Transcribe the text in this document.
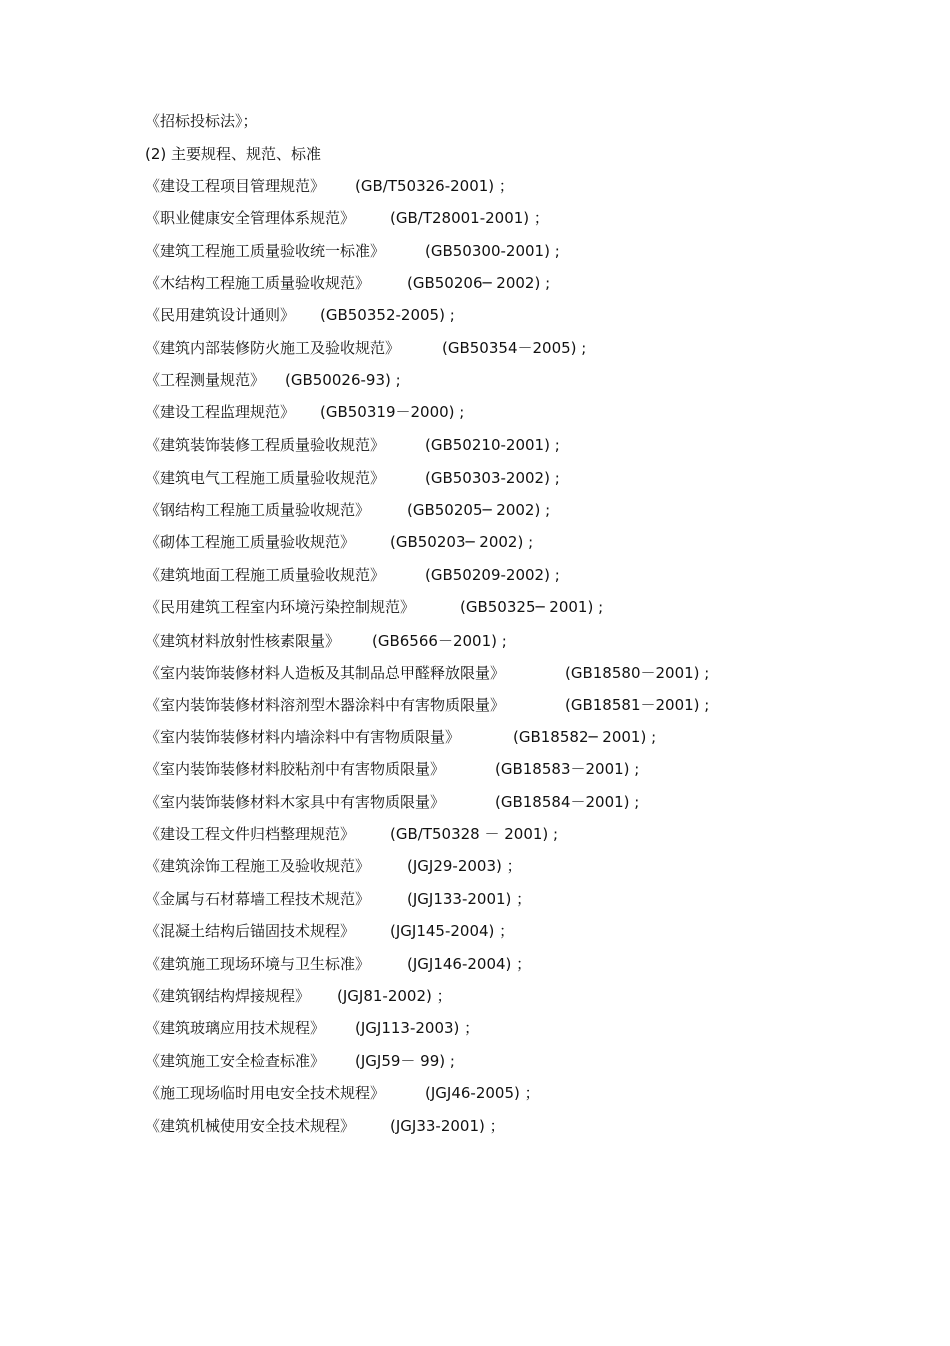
《招标投标法》；
(2) 主要规程、规范、标准
《建设工程项目管理规范》 (GB/T50326-2001) ；
《职业健康安全管理体系规范》 (GB/T28001-2001) ；
《建筑工程施工质量验收统一标准》	(GB50300-2001) ;
《木结构工程施工质量验收规范》 (GB50206─ 2002) ;
《民用建筑设计通则》 (GB50352-2005) ;
《建筑内部装修防火施工及验收规范》	(GB50354－2005) ;
《工程测量规范》 (GB50026-93) ;
《建设工程监理规范》 (GB50319－2000) ;
《建筑装饰装修工程质量验收规范》	(GB50210-2001) ;
《建筑电气工程施工质量验收规范》	(GB50303-2002) ;
《钢结构工程施工质量验收规范》 (GB50205─ 2002) ;
《砌体工程施工质量验收规范》 (GB50203─ 2002) ;
《建筑地面工程施工质量验收规范》	(GB50209-2002) ;
《民用建筑工程室内环境污染控制规范》	(GB50325─ 2001) ;
《建筑材料放射性核素限量》 (GB6566－2001) ;
《室内装饰装修材料人造板及其制品总甲醛释放限量》	(GB18580－2001) ;
《室内装饰装修材料溶剂型木器涂料中有害物质限量》	(GB18581－2001) ;
《室内装饰装修材料内墙涂料中有害物质限量》	(GB18582─ 2001) ;
《室内装饰装修材料胶粘剂中有害物质限量》	(GB18583－2001) ;
《室内装饰装修材料木家具中有害物质限量》	(GB18584－2001) ;
《建设工程文件归档整理规范》 (GB/T50328 － 2001) ;
《建筑涂饰工程施工及验收规范》 (JGJ29-2003) ；
《金属与石材幕墙工程技术规范》 (JGJ133-2001) ；
《混凝土结构后锚固技术规程》 (JGJ145-2004) ；
《建筑施工现场环境与卫生标准》 (JGJ146-2004) ；
《建筑钢结构焊接规程》 (JGJ81-2002) ；
《建筑玻璃应用技术规程》 (JGJ113-2003) ；
《建筑施工安全检查标准》 (JGJ59－ 99) ;
《施工现场临时用电安全技术规程》	(JGJ46-2005) ；
《建筑机械使用安全技术规程》 (JGJ33-2001) ；
